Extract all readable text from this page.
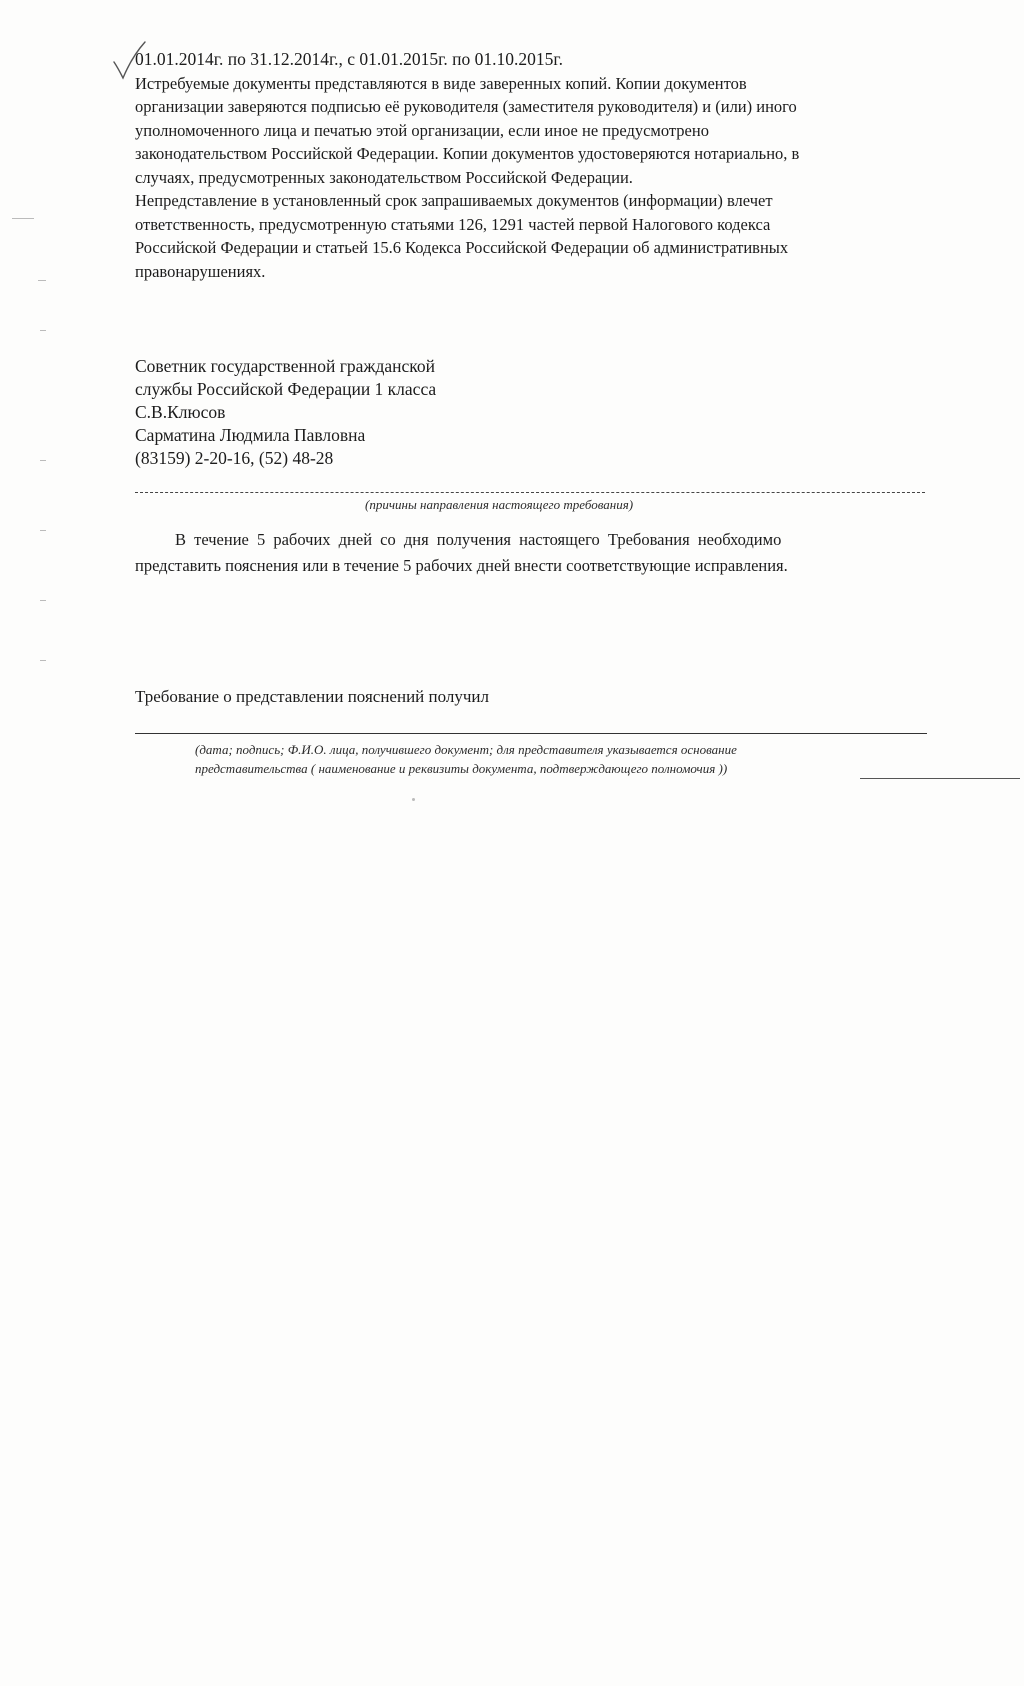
01.01.2014г. по 31.12.2014г., с 01.01.2015г. по 01.10.2015г.
Истребуемые документы представляются в виде заверенных копий. Копии документов
организации заверяются подписью её руководителя (заместителя руководителя) и (или) иного
уполномоченного лица и печатью этой организации, если иное не предусмотрено
законодательством Российской Федерации. Копии документов удостоверяются нотариально, в
случаях, предусмотренных законодательством Российской Федерации.
Непредставление в установленный срок запрашиваемых документов (информации) влечет
ответственность, предусмотренную статьями 126, 1291 частей первой Налогового кодекса
Российской Федерации и статьей 15.6 Кодекса Российской Федерации об административных
правонарушениях.
Советник государственной гражданской
службы Российской Федерации 1 класса
С.В.Клюсов
Сарматина Людмила Павловна
(83159) 2-20-16, (52) 48-28
(причины направления настоящего требования)
В течение 5 рабочих дней со дня получения настоящего Требования необходимо
представить пояснения или в течение 5 рабочих дней внести соответствующие исправления.
Требование о представлении пояснений получил
(дата; подпись; Ф.И.О. лица, получившего документ; для представителя указывается основание
представительства ( наименование и реквизиты документа, подтверждающего полномочия ))
